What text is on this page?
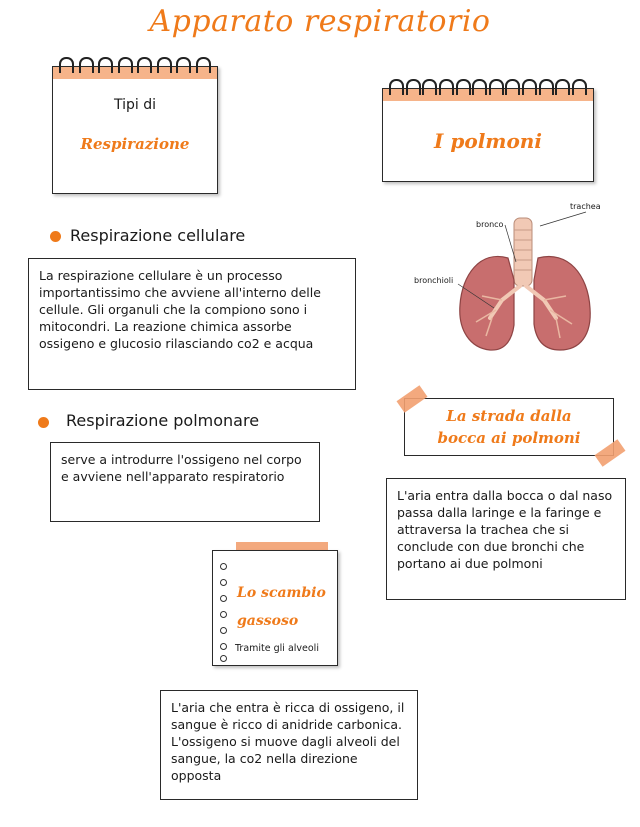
Apparato respiratorio
Tipi di
Respirazione	I polmoni
trachea
bronco
bronchioli
Respirazione cellulare
La respirazione cellulare è un processo importantissimo che avviene all'interno delle cellule. Gli organuli che la compiono sono i mitocondri. La reazione chimica assorbe ossigeno e glucosio rilasciando co2 e acqua
Respirazione polmonare
serve a introdurre l'ossigeno nel corpo e avviene nell'apparato respiratorio
La strada dalla
bocca ai polmoni
L'aria entra dalla bocca o dal naso passa dalla laringe e la faringe e attraversa la trachea che si conclude con due bronchi che portano ai due polmoni
Lo scambio
gassoso
Tramite gli alveoli
L'aria che entra è ricca di ossigeno, il sangue è ricco di anidride carbonica. L'ossigeno si muove dagli alveoli del sangue, la co2 nella direzione opposta
